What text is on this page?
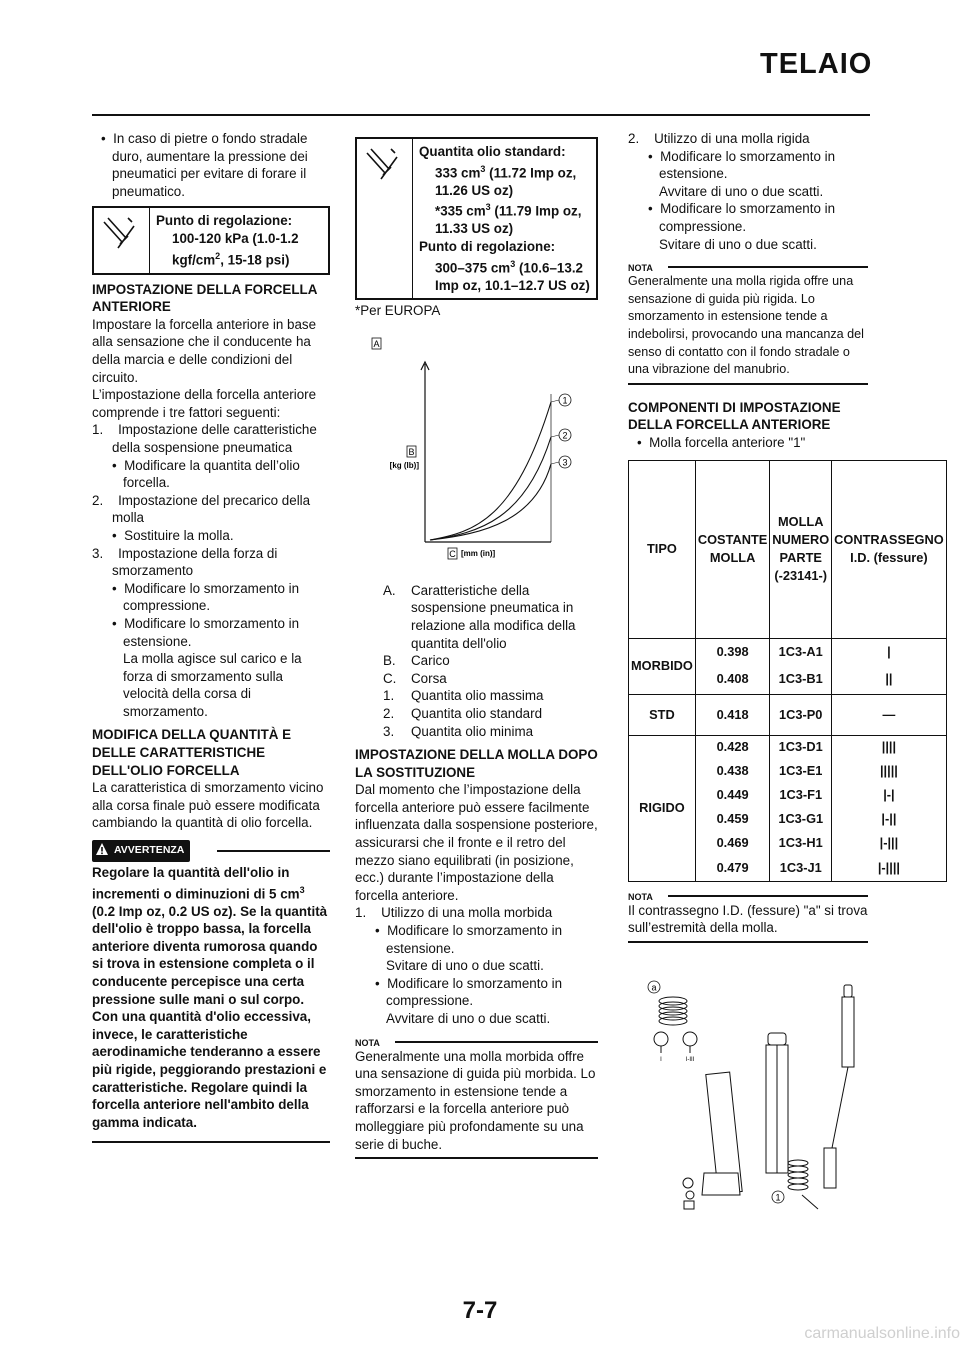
TELAIO

•  In caso di pietre o fondo stradale duro, aumentare la pressione dei pneumatici per evitare di forare il pneumatico.

Punto di regolazione:
100-120 kPa (1.0-1.2
kgf/$cm^2$, 15-18 psi)

IMPOSTAZIONE DELLA FORCELLA ANTERIORE

Impostare la forcella anteriore in base alla sensazione che il conducente ha della marcia e delle condizioni del circuito.

L’impostazione della forcella anteriore comprende i tre fattori seguenti:

1. Impostazione delle caratteristiche della sospensione pneumatica

•  Modificare la quantita dell’olio forcella.

2. Impostazione del precarico della molla

•  Sostituire la molla.

3. Impostazione della forza di smorzamento

•  Modificare lo smorzamento in compressione.

•  Modificare lo smorzamento in estensione.

La molla agisce sul carico e la forza di smorzamento sulla velocità della corsa di smorzamento.

MODIFICA DELLA QUANTITÀ E DELLE CARATTERISTICHE DELL'OLIO FORCELLA

La caratteristica di smorzamento vicino alla corsa finale può essere modificata cambiando la quantità di olio forcella.

AVVERTENZA

Regolare la quantità dell'olio in incrementi o diminuzioni di 5 $cm^3$ (0.2 Imp oz, 0.2 US oz). Se la quantità dell'olio è troppo bassa, la forcella anteriore diventa rumorosa quando si trova in estensione completa o il conducente percepisce una certa pressione sulle mani o sul corpo. Con una quantità d'olio eccessiva, invece, le caratteristiche aerodinamiche tenderanno a essere più rigide, peggiorando prestazioni e caratteristiche. Regolare quindi la forcella anteriore nell'ambito della gamma indicata.

Quantita olio standard:
333 $cm^3$ (11.72 Imp oz, 11.26 US oz)
*335 $cm^3$ (11.79 Imp oz, 11.33 US oz)
Punto di regolazione:
300–375 $cm^3$ (10.6–13.2 Imp oz, 10.1–12.7 US oz)

*Per EUROPA

A
B
[kg (lb)]
1
2
3
C [mm (in)]

A. Caratteristiche della sospensione pneumatica in relazione alla modifica della quantita dell'olio

B. Carico

C. Corsa

1. Quantita olio massima

2. Quantita olio standard

3. Quantita olio minima

IMPOSTAZIONE DELLA MOLLA DOPO LA SOSTITUZIONE

Dal momento che l’impostazione della forcella anteriore può essere facilmente influenzata dalla sospensione posteriore, assicurarsi che il fronte e il retro del mezzo siano equilibrati (in posizione, ecc.) durante l’impostazione della forcella anteriore.

1. Utilizzo di una molla morbida

•  Modificare lo smorzamento in estensione.

Svitare di uno o due scatti.

•  Modificare lo smorzamento in compressione.

Avvitare di uno o due scatti.

NOTA

Generalmente una molla morbida offre una sensazione di guida più morbida. Lo smorzamento in estensione tende a rafforzarsi e la forcella anteriore può molleggiare più profondamente su una serie di buche.

2. Utilizzo di una molla rigida

•  Modificare lo smorzamento in estensione.

Avvitare di uno o due scatti.

•  Modificare lo smorzamento in compressione.

Svitare di uno o due scatti.

NOTA

Generalmente una molla rigida offre una sensazione di guida più rigida. Lo smorzamento in estensione tende a indebolirsi, provocando una mancanza del senso di contatto con il fondo stradale o una vibrazione del manubrio.

COMPONENTI DI IMPOSTAZIONE DELLA FORCELLA ANTERIORE

•  Molla forcella anteriore "1"

TIPO	COSTANTE MOLLA	MOLLA NUMERO PARTE (-23141-)	CONTRASSEGNO I.D. (fessure)
MORBIDO	0.398	1C3-A1	|
	0.408	1C3-B1	||
STD	0.418	1C3-P0	—
RIGIDO	0.428	1C3-D1	||||
	0.438	1C3-E1	|||||
	0.449	1C3-F1	|-|
	0.459	1C3-G1	|-||
	0.469	1C3-H1	|-|||
	0.479	1C3-J1	|-||||
NOTA

Il contrassegno I.D. (fessure) "a" si trova sull’estremità della molla.

a
I	I-III
1
7-7
carmanualsonline.info
